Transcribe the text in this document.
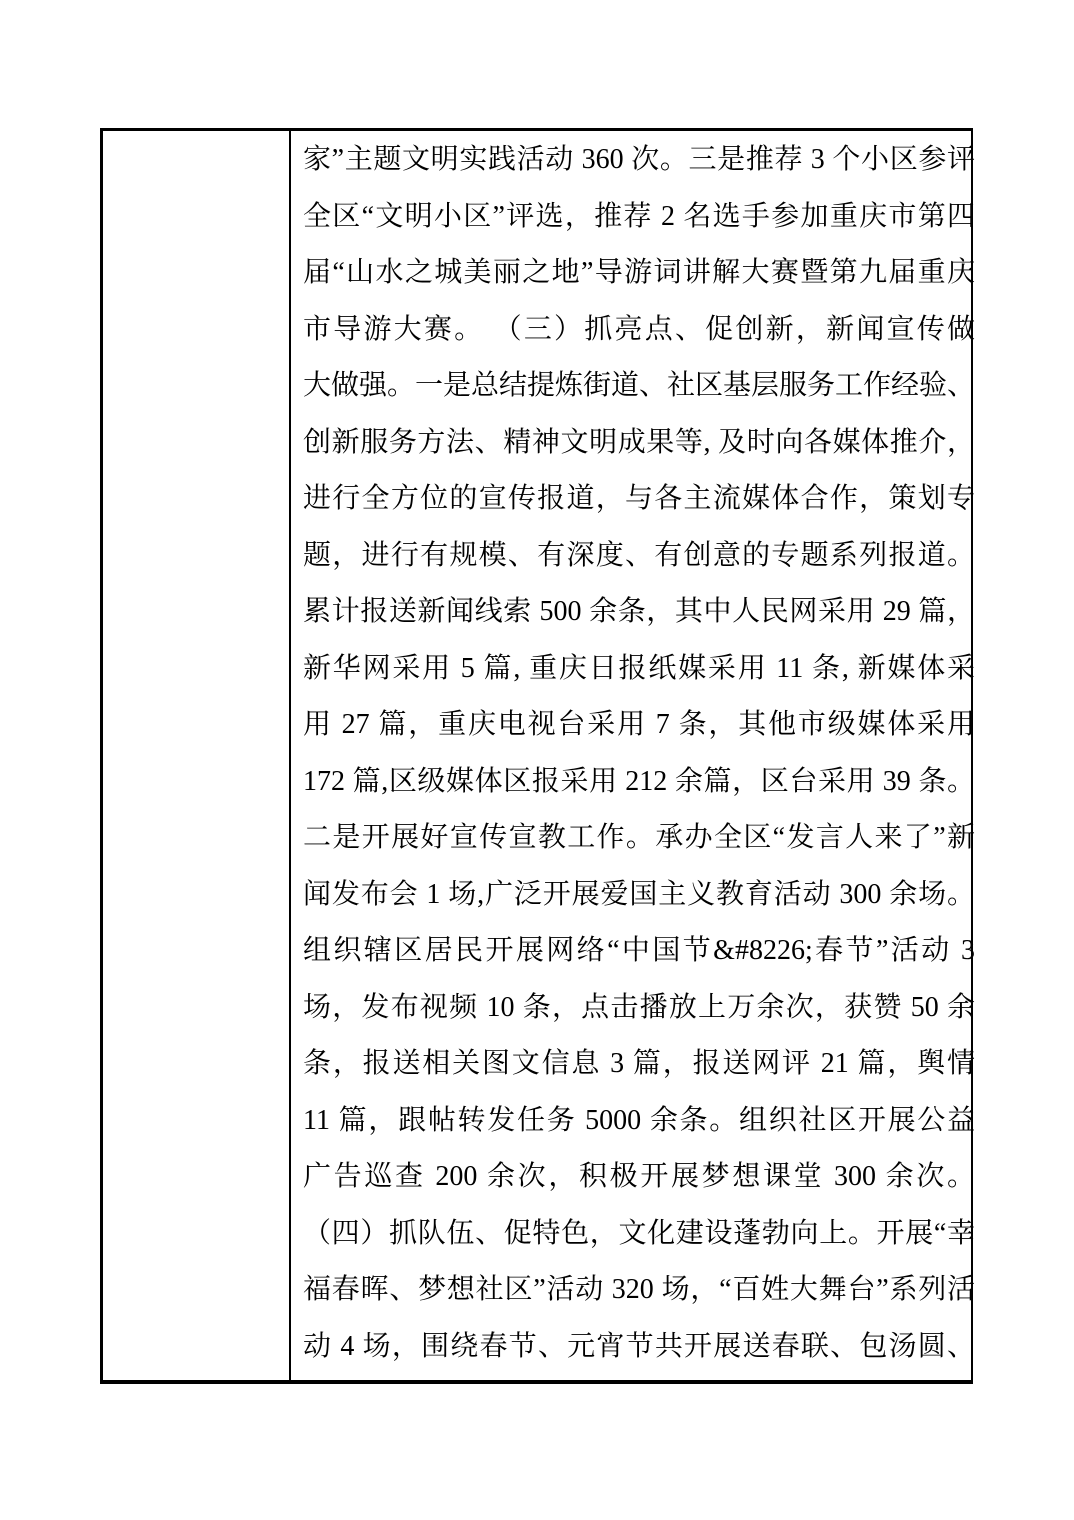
家”主题文明实践活动 360 次。三是推荐 3 个小区参评
全区“文明小区”评选，推荐 2 名选手参加重庆市第四
届“山水之城美丽之地”导游词讲解大赛暨第九届重庆
市导游大赛。 （三）抓亮点、促创新，新闻宣传做
大做强。一是总结提炼街道、社区基层服务工作经验、
创新服务方法、精神文明成果等, 及时向各媒体推介，
进行全方位的宣传报道，与各主流媒体合作，策划专
题，进行有规模、有深度、有创意的专题系列报道。
累计报送新闻线索 500 余条，其中人民网采用 29 篇，
新华网采用 5 篇, 重庆日报纸媒采用 11 条, 新媒体采
用 27 篇，重庆电视台采用 7 条，其他市级媒体采用
172 篇,区级媒体区报采用 212 余篇，区台采用 39 条。
二是开展好宣传宣教工作。承办全区“发言人来了”新
闻发布会 1 场,广泛开展爱国主义教育活动 300 余场。
组织辖区居民开展网络“中国节&#8226;春节”活动 3
场，发布视频 10 条，点击播放上万余次，获赞 50 余
条，报送相关图文信息 3 篇，报送网评 21 篇，舆情
11 篇，跟帖转发任务 5000 余条。组织社区开展公益
广告巡查 200 余次，积极开展梦想课堂 300 余次。
（四）抓队伍、促特色，文化建设蓬勃向上。开展“幸
福春晖、梦想社区”活动 320 场，“百姓大舞台”系列活
动 4 场，围绕春节、元宵节共开展送春联、包汤圆、
